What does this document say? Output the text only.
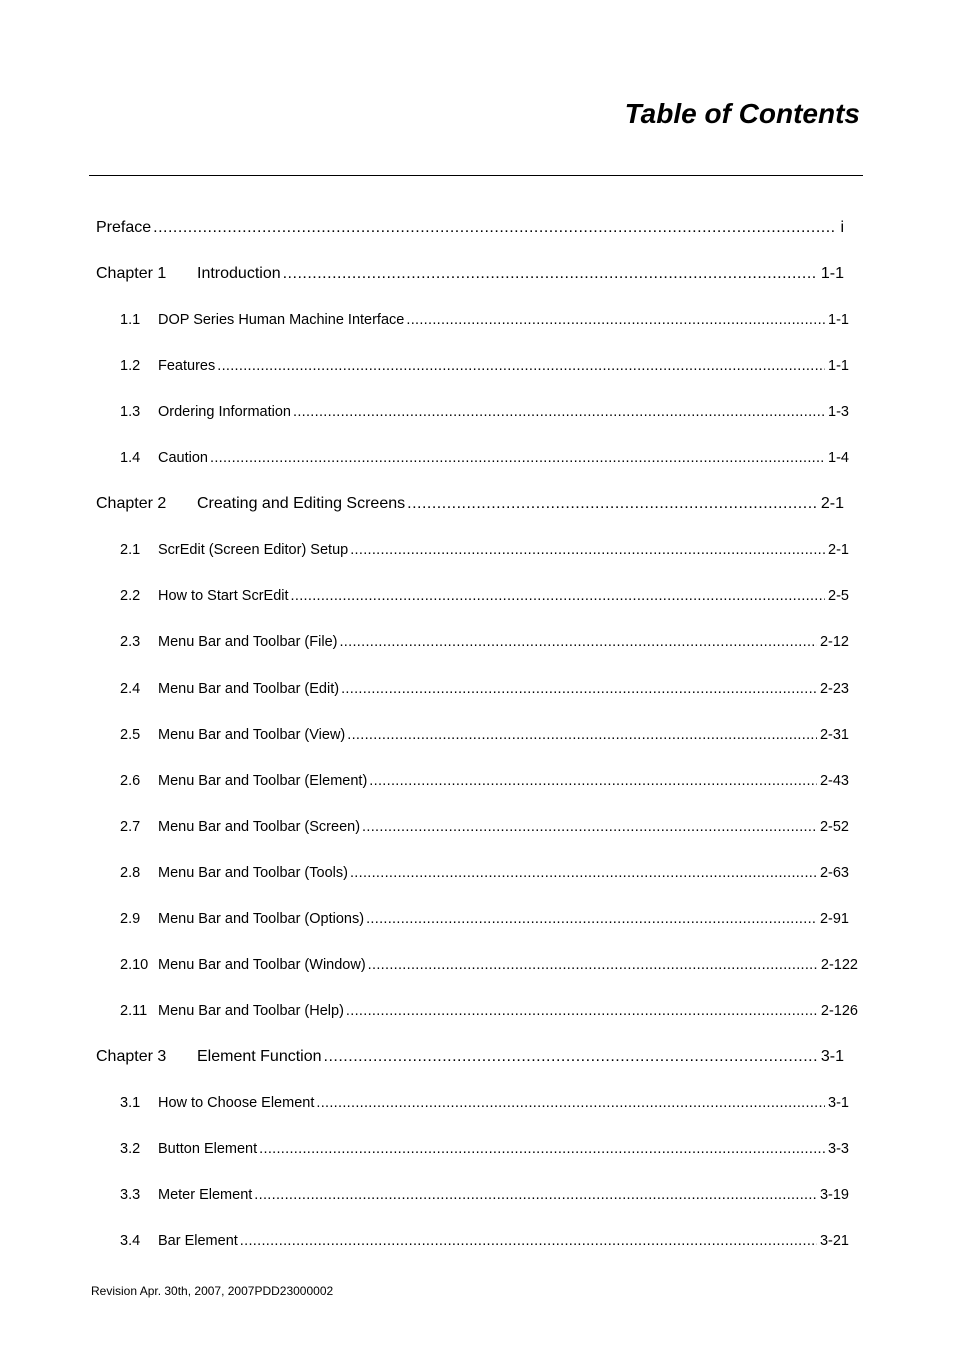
Table of Contents
Preface .....	i
Chapter 1	Introduction .....	1-1
1.1	DOP Series Human Machine Interface .....	1-1
1.2	Features .....	1-1
1.3	Ordering Information .....	1-3
1.4	Caution .....	1-4
Chapter 2	Creating and Editing Screens .....	2-1
2.1	ScrEdit (Screen Editor) Setup .....	2-1
2.2	How to Start ScrEdit .....	2-5
2.3	Menu Bar and Toolbar (File) .....	2-12
2.4	Menu Bar and Toolbar (Edit) .....	2-23
2.5	Menu Bar and Toolbar (View) .....	2-31
2.6	Menu Bar and Toolbar (Element) .....	2-43
2.7	Menu Bar and Toolbar (Screen) .....	2-52
2.8	Menu Bar and Toolbar (Tools) .....	2-63
2.9	Menu Bar and Toolbar (Options) .....	2-91
2.10 Menu Bar and Toolbar (Window) .....	2-122
2.11 Menu Bar and Toolbar (Help) .....	2-126
Chapter 3	Element Function .....	3-1
3.1	How to Choose Element .....	3-1
3.2	Button Element .....	3-3
3.3	Meter Element .....	3-19
3.4	Bar Element .....	3-21
Revision Apr. 30th, 2007, 2007PDD23000002
